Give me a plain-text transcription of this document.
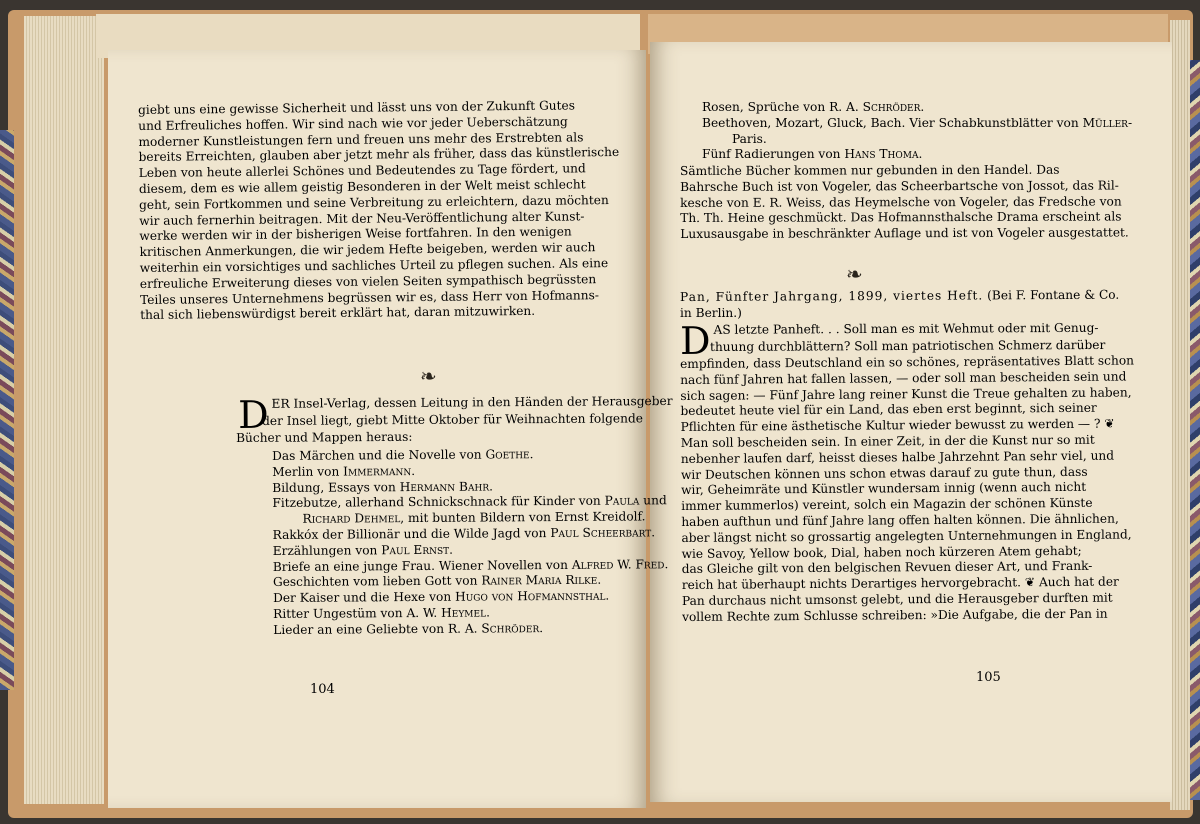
giebt uns eine gewisse Sicherheit und lässt uns von der Zukunft Gutes
und Erfreuliches hoffen. Wir sind nach wie vor jeder Ueberschätzung
moderner Kunstleistungen fern und freuen uns mehr des Erstrebten als
bereits Erreichten, glauben aber jetzt mehr als früher, dass das künstlerische
Leben von heute allerlei Schönes und Bedeutendes zu Tage fördert, und
diesem, dem es wie allem geistig Besonderen in der Welt meist schlecht
geht, sein Fortkommen und seine Verbreitung zu erleichtern, dazu möchten
wir auch fernerhin beitragen. Mit der Neu-Veröffentlichung alter Kunst-
werke werden wir in der bisherigen Weise fortfahren. In den wenigen
kritischen Anmerkungen, die wir jedem Hefte beigeben, werden wir auch
weiterhin ein vorsichtiges und sachliches Urteil zu pflegen suchen. Als eine
erfreuliche Erweiterung dieses von vielen Seiten sympathisch begrüssten
Teiles unseres Unternehmens begrüssen wir es, dass Herr von Hofmanns-
thal sich liebenswürdigst bereit erklärt hat, daran mitzuwirken.
❧
D ER Insel-Verlag, dessen Leitung in den Händen der Herausgeber
der Insel liegt, giebt Mitte Oktober für Weihnachten folgende
Bücher und Mappen heraus:
Das Märchen und die Novelle von Goethe.
Merlin von Immermann.
Bildung, Essays von Hermann Bahr.
Fitzebutze, allerhand Schnickschnack für Kinder von Paula und
Richard Dehmel, mit bunten Bildern von Ernst Kreidolf.
Rakkóx der Billionär und die Wilde Jagd von Paul Scheerbart.
Erzählungen von Paul Ernst.
Briefe an eine junge Frau. Wiener Novellen von Alfred W. Fred.
Geschichten vom lieben Gott von Rainer Maria Rilke.
Der Kaiser und die Hexe von Hugo von Hofmannsthal.
Ritter Ungestüm von A. W. Heymel.
Lieder an eine Geliebte von R. A. Schröder.
104
Rosen, Sprüche von R. A. Schröder.
Beethoven, Mozart, Gluck, Bach. Vier Schabkunstblätter von Müller-
Paris.
Fünf Radierungen von Hans Thoma.
Sämtliche Bücher kommen nur gebunden in den Handel. Das
Bahrsche Buch ist von Vogeler, das Scheerbartsche von Jossot, das Ril-
kesche von E. R. Weiss, das Heymelsche von Vogeler, das Fredsche von
Th. Th. Heine geschmückt. Das Hofmannsthalsche Drama erscheint als
Luxusausgabe in beschränkter Auflage und ist von Vogeler ausgestattet.
❧
Pan, Fünfter Jahrgang, 1899, viertes Heft. (Bei F. Fontane & Co.
in Berlin.)
D AS letzte Panheft. . . Soll man es mit Wehmut oder mit Genug-
thuung durchblättern? Soll man patriotischen Schmerz darüber
empfinden, dass Deutschland ein so schönes, repräsentatives Blatt schon
nach fünf Jahren hat fallen lassen, — oder soll man bescheiden sein und
sich sagen: — Fünf Jahre lang reiner Kunst die Treue gehalten zu haben,
bedeutet heute viel für ein Land, das eben erst beginnt, sich seiner
Pflichten für eine ästhetische Kultur wieder bewusst zu werden — ? ❦
Man soll bescheiden sein. In einer Zeit, in der die Kunst nur so mit
nebenher laufen darf, heisst dieses halbe Jahrzehnt Pan sehr viel, und
wir Deutschen können uns schon etwas darauf zu gute thun, dass
wir, Geheimräte und Künstler wundersam innig (wenn auch nicht
immer kummerlos) vereint, solch ein Magazin der schönen Künste
haben aufthun und fünf Jahre lang offen halten können. Die ähnlichen,
aber längst nicht so grossartig angelegten Unternehmungen in England,
wie Savoy, Yellow book, Dial, haben noch kürzeren Atem gehabt;
das Gleiche gilt von den belgischen Revuen dieser Art, und Frank-
reich hat überhaupt nichts Derartiges hervorgebracht. ❦ Auch hat der
Pan durchaus nicht umsonst gelebt, und die Herausgeber durften mit
vollem Rechte zum Schlusse schreiben: »Die Aufgabe, die der Pan in
105
